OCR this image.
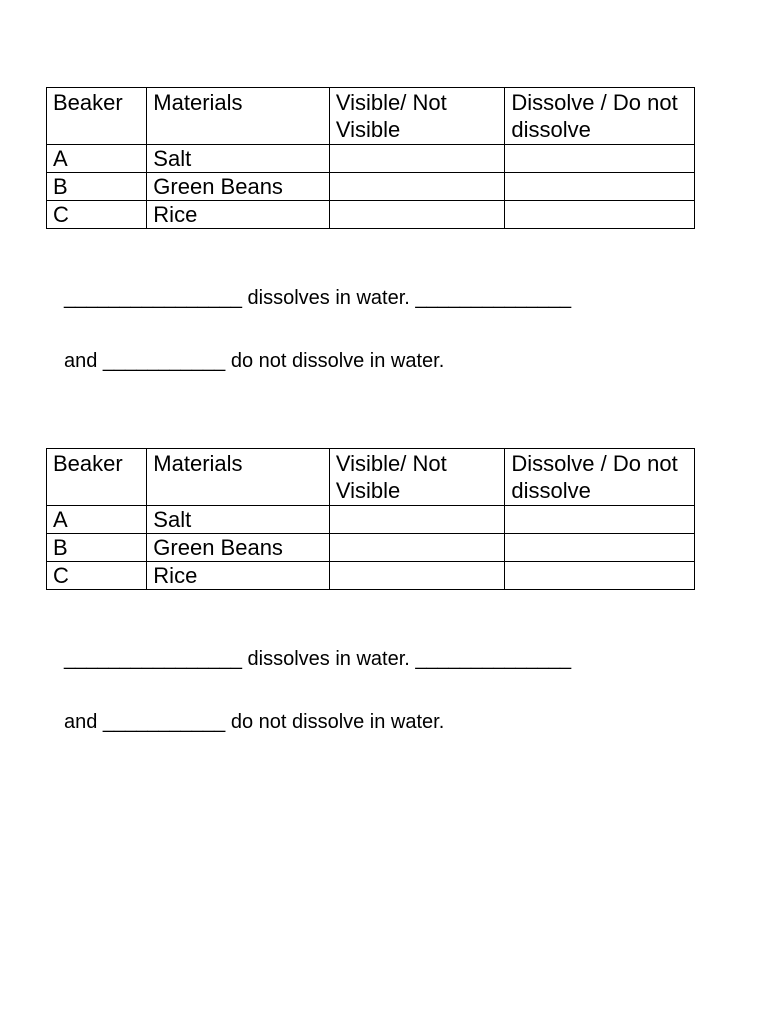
Beaker	Materials	Visible/ Not Visible	Dissolve / Do not dissolve
A	Salt		
B	Green Beans		
C	Rice		
________________ dissolves in water. ______________
and ___________ do not dissolve in water.
Beaker	Materials	Visible/ Not Visible	Dissolve / Do not dissolve
A	Salt		
B	Green Beans		
C	Rice		
________________ dissolves in water. ______________
and ___________ do not dissolve in water.
